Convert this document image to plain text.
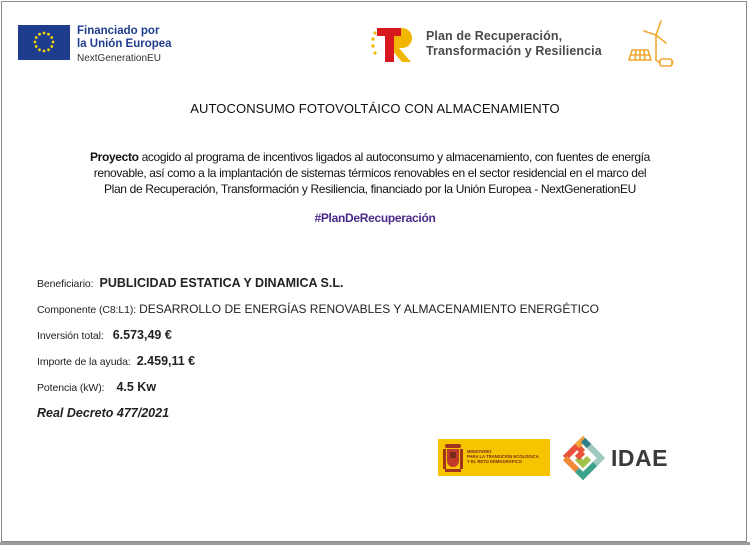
Financiado por
la Unión Europea
NextGenerationEU
Plan de Recuperación,
Transformación y Resiliencia
AUTOCONSUMO FOTOVOLTÁICO CON ALMACENAMIENTO
Proyecto acogido al programa de incentivos ligados al autoconsumo y almacenamiento, con fuentes de energía
renovable, así como a la implantación de sistemas térmicos renovables en el sector residencial en el marco del
Plan de Recuperación, Transformación y Resiliencia, financiado por la Unión Europea - NextGenerationEU
#PlanDeRecuperación
Beneficiario: PUBLICIDAD ESTATICA Y DINAMICA S.L.
Componente (C8:L1): DESARROLLO DE ENERGÍAS RENOVABLES Y ALMACENAMIENTO ENERGÉTICO
Inversión total: 6.573,49 €
Importe de la ayuda: 2.459,11 €
Potencia (kW): 4.5 Kw
Real Decreto 477/2021
MINISTERIO
PARA LA TRANSICIÓN ECOLÓGICA
Y EL RETO DEMOGRÁFICO	IDAE
